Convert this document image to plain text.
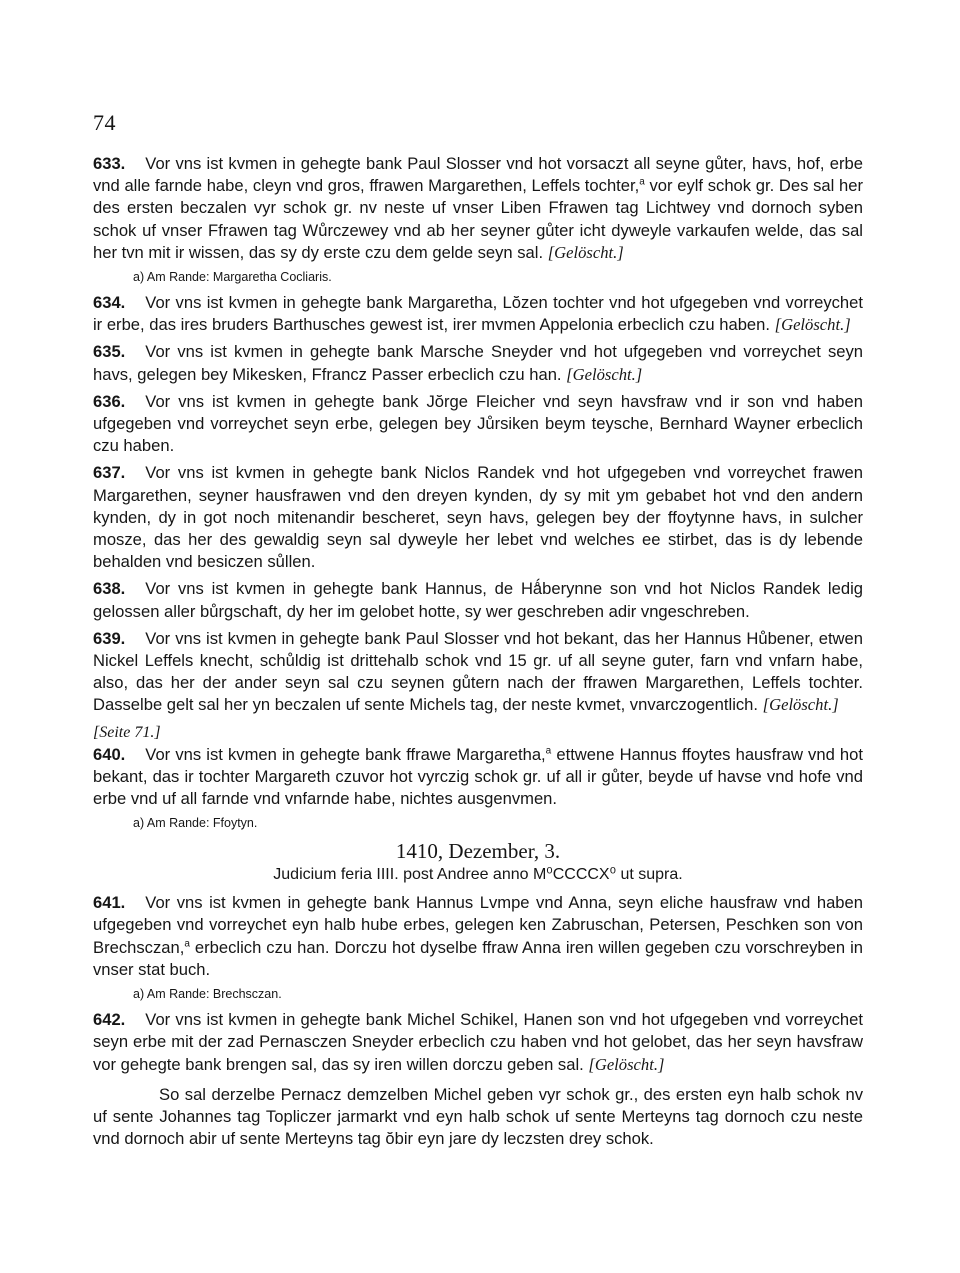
74
633. Vor vns ist kvmen in gehegte bank Paul Slosser vnd hot vorsaczt all seyne gůter, havs, hof, erbe vnd alle farnde habe, cleyn vnd gros, ffrawen Margarethen, Leffels tochter,$^a$ vor eylf schok gr. Des sal her des ersten beczalen vyr schok gr. nv neste uf vnser Liben Ffrawen tag Lichtwey vnd dornoch syben schok uf vnser Ffrawen tag Wůrczewey vnd ab her seyner gůter icht dyweyle varkaufen welde, das sal her tvn mit ir wissen, das sy dy erste czu dem gelde seyn sal. [Gelöscht.]
a) Am Rande: Margaretha Cocliaris.
634. Vor vns ist kvmen in gehegte bank Margaretha, Lŏzen tochter vnd hot ufgegeben vnd vorreychet ir erbe, das ires bruders Barthusches gewest ist, irer mvmen Appelonia erbeclich czu haben. [Gelöscht.]
635. Vor vns ist kvmen in gehegte bank Marsche Sneyder vnd hot ufgegeben vnd vorreychet seyn havs, gelegen bey Mikesken, Ffrancz Passer erbeclich czu han. [Gelöscht.]
636. Vor vns ist kvmen in gehegte bank Jŏrge Fleicher vnd seyn havsfraw vnd ir son vnd haben ufgegeben vnd vorreychet seyn erbe, gelegen bey Jůrsiken beym teysche, Bernhard Wayner erbeclich czu haben.
637. Vor vns ist kvmen in gehegte bank Niclos Randek vnd hot ufgegeben vnd vorreychet frawen Margarethen, seyner hausfrawen vnd den dreyen kynden, dy sy mit ym gebabet hot vnd den andern kynden, dy in got noch mitenandir bescheret, seyn havs, gelegen bey der ffoytynne havs, in sulcher mosze, das her des gewaldig seyn sal dyweyle her lebet vnd welches ee stirbet, das is dy lebende behalden vnd besiczen sůllen.
638. Vor vns ist kvmen in gehegte bank Hannus, de Hǻberynne son vnd hot Niclos Randek ledig gelossen aller bůrgschaft, dy her im gelobet hotte, sy wer geschreben adir vngeschreben.
639. Vor vns ist kvmen in gehegte bank Paul Slosser vnd hot bekant, das her Hannus Hůbener, etwen Nickel Leffels knecht, schůldig ist drittehalb schok vnd 15 gr. uf all seyne guter, farn vnd vnfarn habe, also, das her der ander seyn sal czu seynen gůtern nach der ffrawen Margarethen, Leffels tochter. Dasselbe gelt sal her yn beczalen uf sente Michels tag, der neste kvmet, vnvarczogentlich. [Gelöscht.]
[Seite 71.]
640. Vor vns ist kvmen in gehegte bank ffrawe Margaretha,$^a$ ettwene Hannus ffoytes hausfraw vnd hot bekant, das ir tochter Margareth czuvor hot vyrczig schok gr. uf all ir gůter, beyde uf havse vnd hofe vnd erbe vnd uf all farnde vnd vnfarnde habe, nichtes ausgenvmen.
a) Am Rande: Ffoytyn.
1410, Dezember, 3.
Judicium feria IIII. post Andree anno M⁰CCCCX⁰ ut supra.
641. Vor vns ist kvmen in gehegte bank Hannus Lvmpe vnd Anna, seyn eliche hausfraw vnd haben ufgegeben vnd vorreychet eyn halb hube erbes, gelegen ken Zabruschan, Petersen, Peschken son von Brechsczan,$^a$ erbeclich czu han. Dorczu hot dyselbe ffraw Anna iren willen gegeben czu vorschreyben in vnser stat buch.
a) Am Rande: Brechsczan.
642. Vor vns ist kvmen in gehegte bank Michel Schikel, Hanen son vnd hot ufgegeben vnd vorreychet seyn erbe mit der zad Pernasczen Sneyder erbeclich czu haben vnd hot gelobet, das her seyn havsfraw vor gehegte bank brengen sal, das sy iren willen dorczu geben sal. [Gelöscht.]
So sal derzelbe Pernacz demzelben Michel geben vyr schok gr., des ersten eyn halb schok nv uf sente Johannes tag Topliczer jarmarkt vnd eyn halb schok uf sente Merteyns tag dornoch czu neste vnd dornoch abir uf sente Merteyns tag ŏbir eyn jare dy leczsten drey schok.
